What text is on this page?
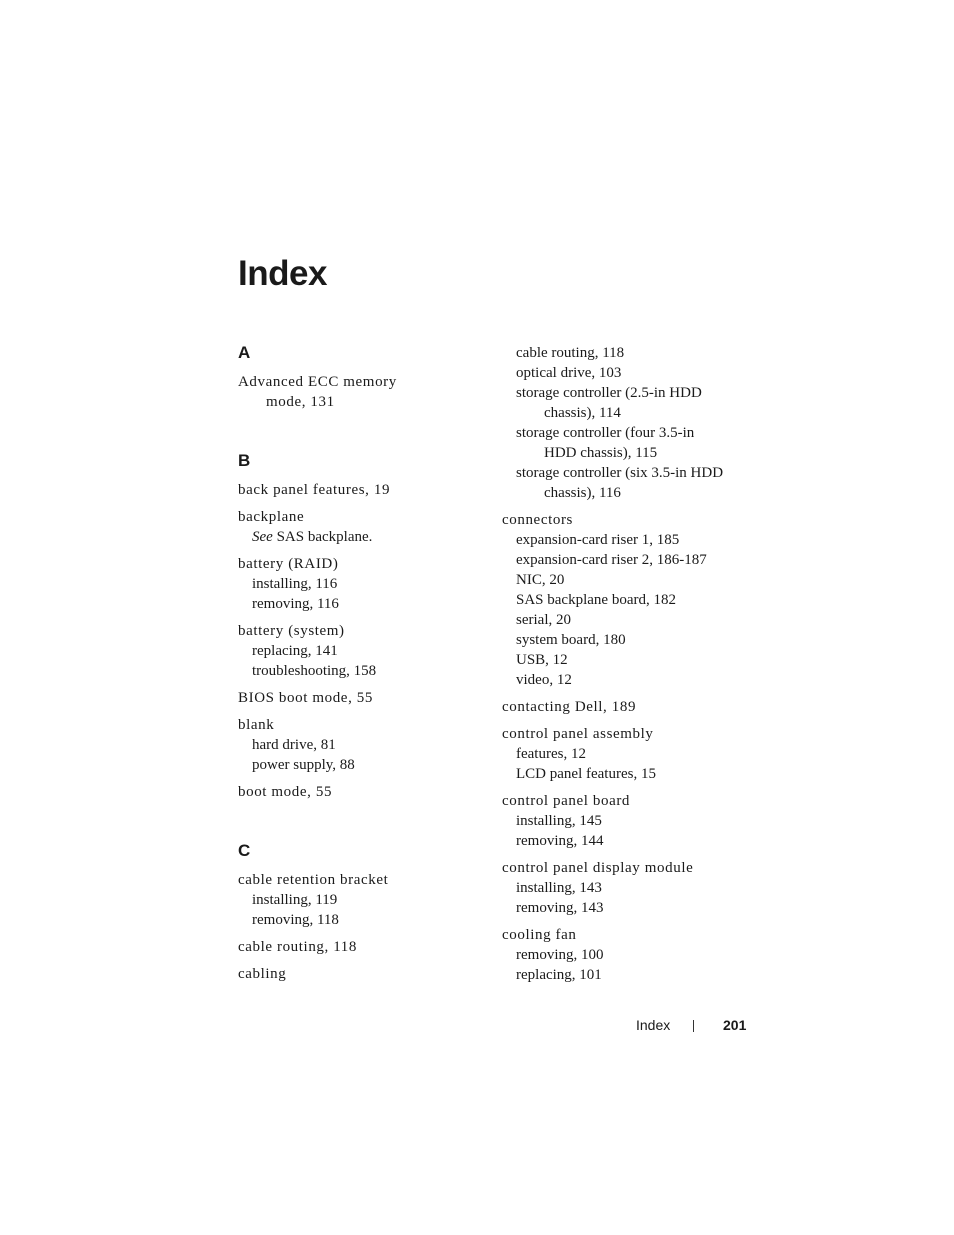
Index
A
Advanced ECC memory
mode, 131
B
back panel features, 19
backplane
See SAS backplane.
battery (RAID)
installing, 116
removing, 116
battery (system)
replacing, 141
troubleshooting, 158
BIOS boot mode, 55
blank
hard drive, 81
power supply, 88
boot mode, 55
C
cable retention bracket
installing, 119
removing, 118
cable routing, 118
cabling
cable routing, 118
optical drive, 103
storage controller (2.5-in HDD
chassis), 114
storage controller (four 3.5-in
HDD chassis), 115
storage controller (six 3.5-in HDD
chassis), 116
connectors
expansion-card riser 1, 185
expansion-card riser 2, 186-187
NIC, 20
SAS backplane board, 182
serial, 20
system board, 180
USB, 12
video, 12
contacting Dell, 189
control panel assembly
features, 12
LCD panel features, 15
control panel board
installing, 145
removing, 144
control panel display module
installing, 143
removing, 143
cooling fan
removing, 100
replacing, 101
Index	201
